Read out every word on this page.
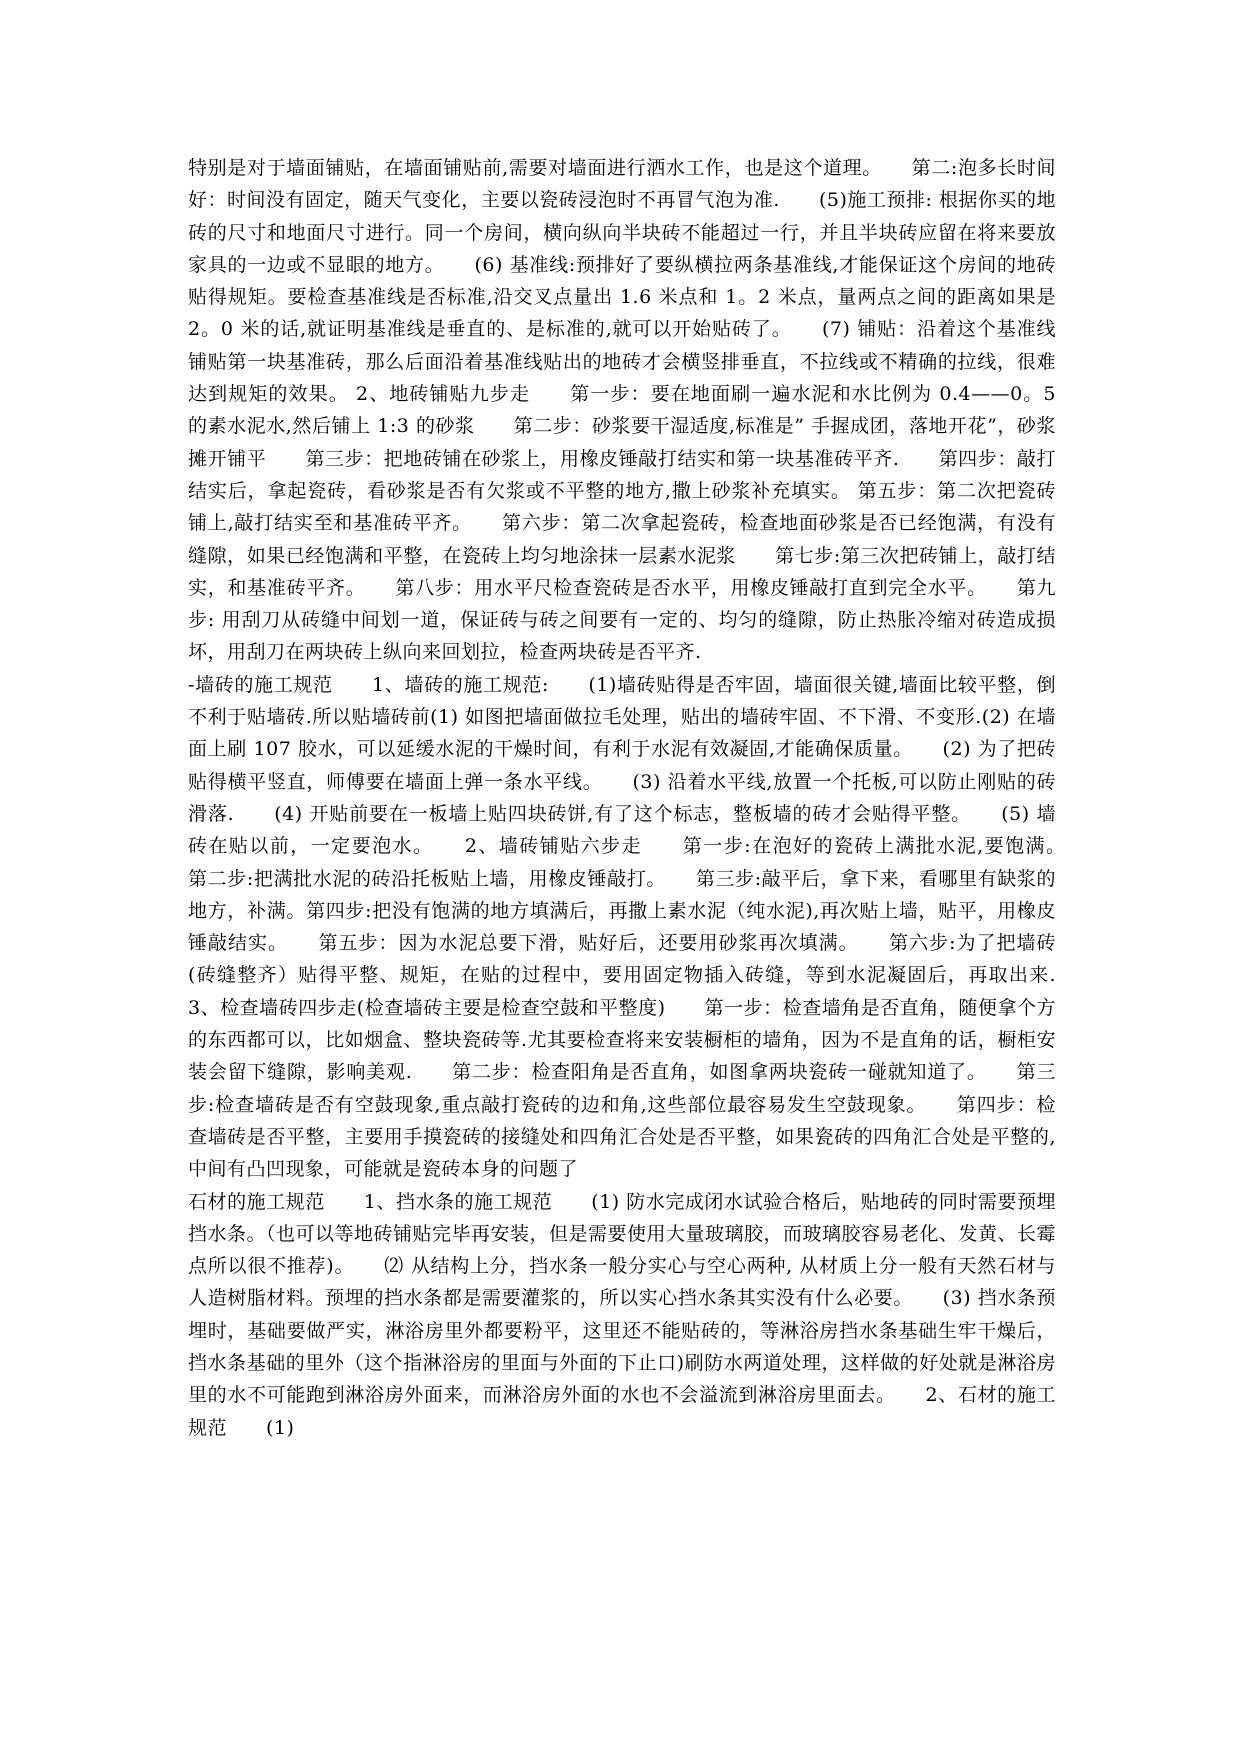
特别是对于墙面铺贴，在墙面铺贴前,需要对墙面进行洒水工作，也是这个道理。　　第二:泡多长时间好：时间没有固定，随天气变化，主要以瓷砖浸泡时不再冒气泡为准.　　(5)施工预排: 根据你买的地砖的尺寸和地面尺寸进行。同一个房间，横向纵向半块砖不能超过一行，并且半块砖应留在将来要放家具的一边或不显眼的地方。　　(6) 基准线:预排好了要纵横拉两条基准线,才能保证这个房间的地砖贴得规矩。要检查基准线是否标准,沿交叉点量出 1.6 米点和 1。2 米点，量两点之间的距离如果是 2。0 米的话,就证明基准线是垂直的、是标准的,就可以开始贴砖了。　　(7) 铺贴：沿着这个基准线铺贴第一块基准砖，那么后面沿着基准线贴出的地砖才会横竖排垂直，不拉线或不精确的拉线，很难达到规矩的效果。 2、地砖铺贴九步走　　第一步：要在地面刷一遍水泥和水比例为 0.4——0。5 的素水泥水,然后铺上 1:3 的砂浆　　第二步：砂浆要干湿适度,标准是” 手握成团，落地开花”，砂浆摊开铺平　　第三步：把地砖铺在砂浆上，用橡皮锤敲打结实和第一块基准砖平齐.　　第四步：敲打结实后，拿起瓷砖，看砂浆是否有欠浆或不平整的地方,撒上砂浆补充填实。 第五步：第二次把瓷砖铺上,敲打结实至和基准砖平齐。　　第六步：第二次拿起瓷砖，检查地面砂浆是否已经饱满，有没有缝隙，如果已经饱满和平整，在瓷砖上均匀地涂抹一层素水泥浆　　第七步:第三次把砖铺上，敲打结实，和基准砖平齐。　　第八步：用水平尺检查瓷砖是否水平，用橡皮锤敲打直到完全水平。　　第九步: 用刮刀从砖缝中间划一道，保证砖与砖之间要有一定的、均匀的缝隙，防止热胀冷缩对砖造成损坏，用刮刀在两块砖上纵向来回划拉，检查两块砖是否平齐.

-墙砖的施工规范　　1、墙砖的施工规范:　　(1)墙砖贴得是否牢固，墙面很关键,墙面比较平整，倒不利于贴墙砖.所以贴墙砖前(1) 如图把墙面做拉毛处理，贴出的墙砖牢固、不下滑、不变形.(2) 在墙面上刷 107 胶水，可以延缓水泥的干燥时间，有利于水泥有效凝固,才能确保质量。　　(2) 为了把砖贴得横平竖直，师傅要在墙面上弹一条水平线。　　(3) 沿着水平线,放置一个托板,可以防止刚贴的砖滑落.　　(4) 开贴前要在一板墙上贴四块砖饼,有了这个标志，整板墙的砖才会贴得平整。　　(5) 墙砖在贴以前，一定要泡水。　　2、墙砖铺贴六步走　　第一步:在泡好的瓷砖上满批水泥,要饱满。　　第二步:把满批水泥的砖沿托板贴上墙，用橡皮锤敲打。　　第三步:敲平后，拿下来，看哪里有缺浆的地方，补满。第四步:把没有饱满的地方填满后，再撒上素水泥（纯水泥),再次贴上墙，贴平，用橡皮锤敲结实。　　第五步：因为水泥总要下滑，贴好后，还要用砂浆再次填满。　　第六步:为了把墙砖(砖缝整齐）贴得平整、规矩，在贴的过程中，要用固定物插入砖缝，等到水泥凝固后，再取出来.　　3、检查墙砖四步走(检查墙砖主要是检查空鼓和平整度)　　第一步：检查墙角是否直角，随便拿个方的东西都可以，比如烟盒、整块瓷砖等.尤其要检查将来安装橱柜的墙角，因为不是直角的话，橱柜安装会留下缝隙，影响美观.　　第二步：检查阳角是否直角，如图拿两块瓷砖一碰就知道了。　　第三步:检查墙砖是否有空鼓现象,重点敲打瓷砖的边和角,这些部位最容易发生空鼓现象。　　第四步：检查墙砖是否平整，主要用手摸瓷砖的接缝处和四角汇合处是否平整，如果瓷砖的四角汇合处是平整的,中间有凸凹现象，可能就是瓷砖本身的问题了

石材的施工规范　　1、挡水条的施工规范　　(1) 防水完成闭水试验合格后，贴地砖的同时需要预埋挡水条。（也可以等地砖铺贴完毕再安装，但是需要使用大量玻璃胶，而玻璃胶容易老化、发黄、长霉点所以很不推荐)。　　⑵ 从结构上分，挡水条一般分实心与空心两种, 从材质上分一般有天然石材与人造树脂材料。预埋的挡水条都是需要灌浆的，所以实心挡水条其实没有什么必要。　　(3) 挡水条预埋时，基础要做严实，淋浴房里外都要粉平，这里还不能贴砖的，等淋浴房挡水条基础生牢干燥后，挡水条基础的里外（这个指淋浴房的里面与外面的下止口)刷防水两道处理，这样做的好处就是淋浴房里的水不可能跑到淋浴房外面来，而淋浴房外面的水也不会溢流到淋浴房里面去。　　2、石材的施工规范　　(1)
